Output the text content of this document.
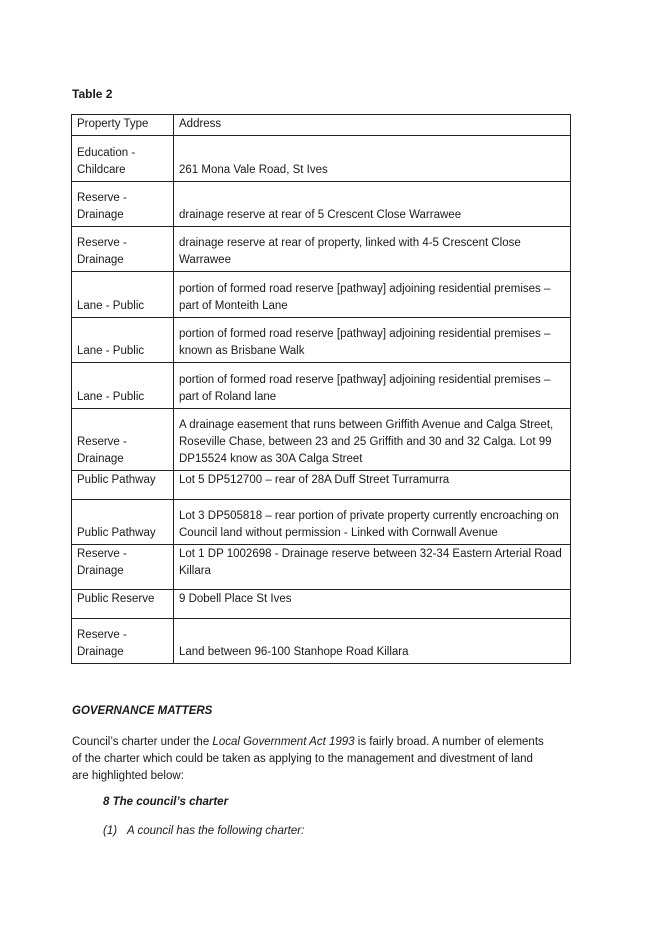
Table 2
Property Type	Address
Education - Childcare	261 Mona Vale Road, St Ives
Reserve - Drainage	drainage reserve at rear of 5 Crescent Close Warrawee
Reserve - Drainage	drainage reserve at rear of property, linked with 4-5 Crescent Close Warrawee
Lane - Public	portion of formed road reserve [pathway] adjoining residential premises – part of Monteith Lane
Lane - Public	portion of formed road reserve [pathway] adjoining residential premises – known as Brisbane Walk
Lane - Public	portion of formed road reserve [pathway] adjoining residential premises – part of Roland lane
Reserve - Drainage	A drainage easement that runs between Griffith Avenue and Calga Street, Roseville Chase, between 23 and 25 Griffith and 30 and 32 Calga. Lot 99 DP15524 know as 30A Calga Street
Public Pathway	Lot 5 DP512700 – rear of 28A Duff Street Turramurra
Public Pathway	Lot 3 DP505818 – rear portion of private property currently encroaching on Council land without permission - Linked with Cornwall Avenue
Reserve - Drainage	Lot 1 DP 1002698 - Drainage reserve between 32-34 Eastern Arterial Road Killara
Public Reserve	9 Dobell Place St Ives
Reserve - Drainage	Land between 96-100 Stanhope Road Killara
GOVERNANCE MATTERS
Council’s charter under the Local Government Act 1993 is fairly broad. A number of elements of the charter which could be taken as applying to the management and divestment of land are highlighted below:
8 The council’s charter
(1) A council has the following charter:
